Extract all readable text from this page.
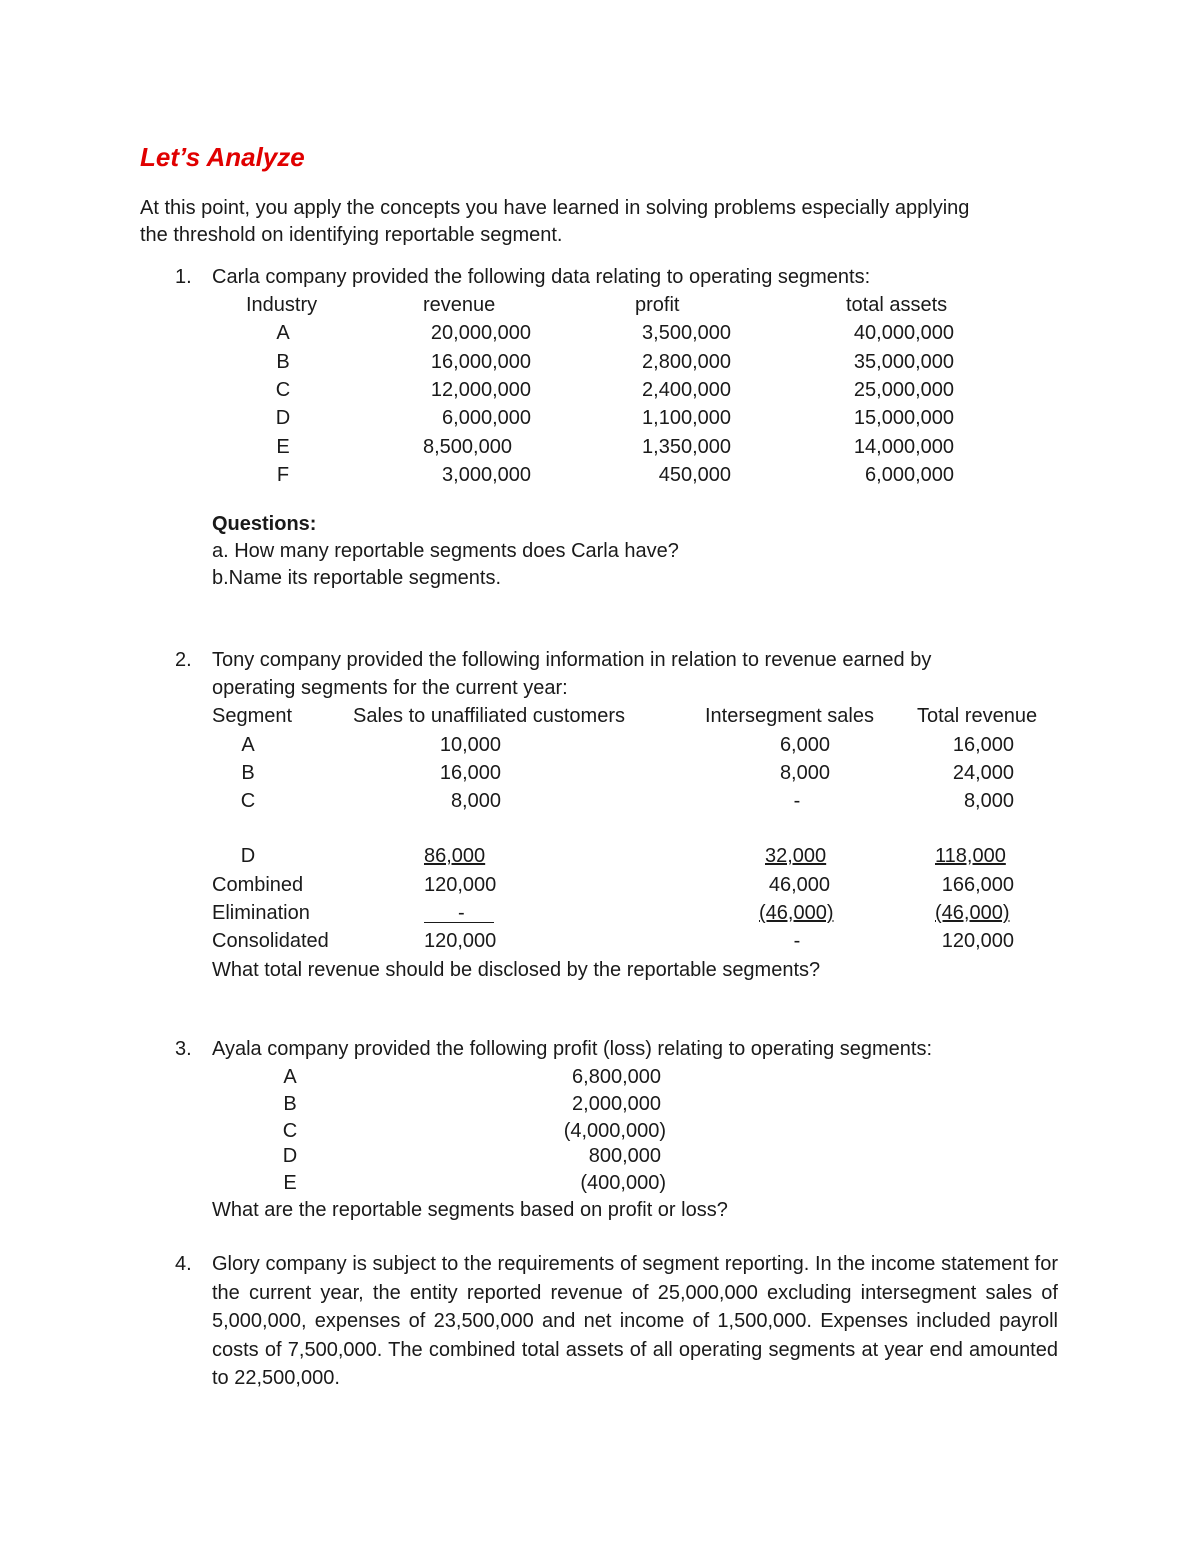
Let’s Analyze
At this point, you apply the concepts you have learned in solving problems especially applying
the threshold on identifying reportable segment.
1. Carla company provided the following data relating to operating segments:
Industry	revenue	profit	total assets
A	20,000,000	3,500,000	40,000,000
B	16,000,000	2,800,000	35,000,000
C	12,000,000	2,400,000	25,000,000
D	6,000,000	1,100,000	15,000,000
E	8,500,000	1,350,000	14,000,000
F	3,000,000	450,000	6,000,000
Questions:
a. How many reportable segments does Carla have?
b.Name its reportable segments.
2. Tony company provided the following information in relation to revenue earned by
operating segments for the current year:
Segment	Sales to unaffiliated customers	Intersegment sales Total revenue
A	10,000	6,000	16,000
B	16,000	8,000	24,000
C	8,000	-	8,000
D	86,000	32,000	118,000
Combined	120,000	46,000	166,000
Elimination	-	(46,000)	(46,000)
Consolidated	120,000	-	120,000
What total revenue should be disclosed by the reportable segments?
3. Ayala company provided the following profit (loss) relating to operating segments:
A	6,800,000
B	2,000,000
C	(4,000,000)
D	800,000
E	(400,000)
What are the reportable segments based on profit or loss?
4. Glory company is subject to the requirements of segment reporting. In the income statement for the current year, the entity reported revenue of 25,000,000 excluding intersegment sales of 5,000,000, expenses of 23,500,000 and net income of 1,500,000. Expenses included payroll costs of 7,500,000. The combined total assets of all operating segments at year end amounted to 22,500,000.
